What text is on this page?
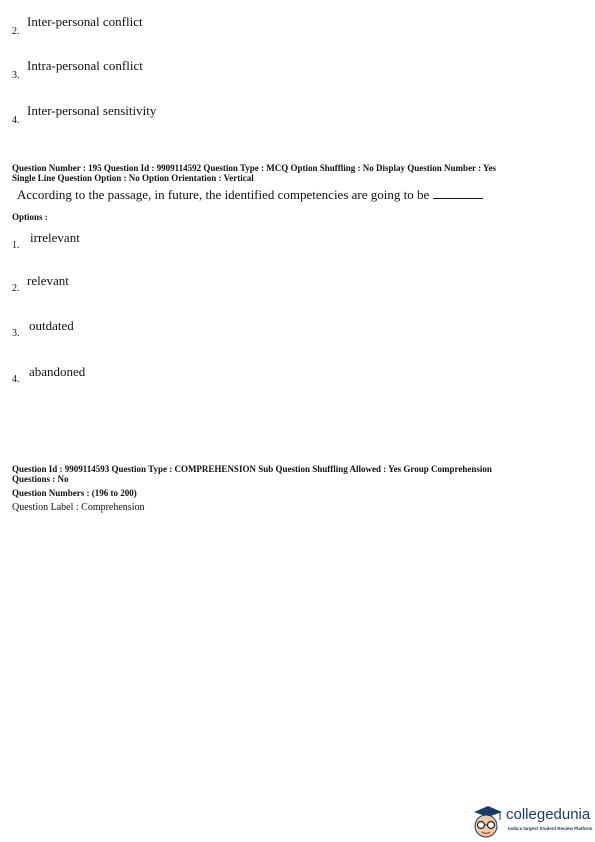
2.
Inter-personal conflict
3.
Intra-personal conflict
4.
Inter-personal sensitivity
Question Number : 195 Question Id : 9909114592 Question Type : MCQ Option Shuffling : No Display Question Number : Yes
Single Line Question Option : No Option Orientation : Vertical
According to the passage, in future, the identified competencies are going to be
Options :
1.
irrelevant
2.
relevant
3.
outdated
4.
abandoned
Question Id : 9909114593 Question Type : COMPREHENSION Sub Question Shuffling Allowed : Yes Group Comprehension
Questions : No
Question Numbers : (196 to 200)
Question Label : Comprehension
collegedunia
India's largest Student Review Platform
